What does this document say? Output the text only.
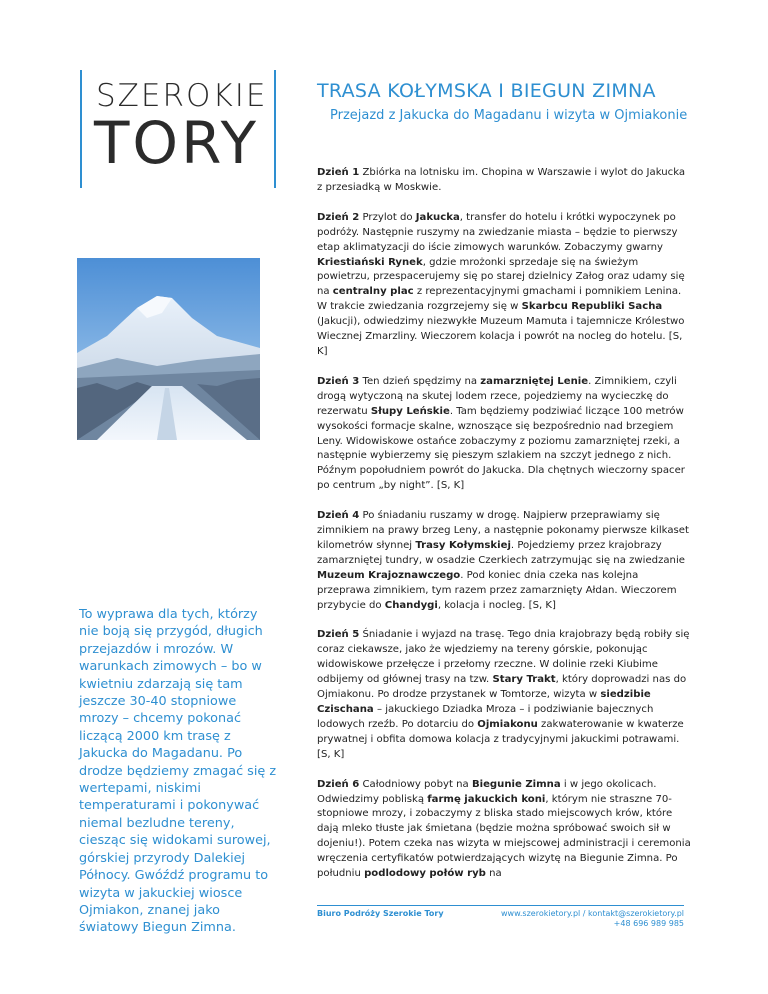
SZEROKIE
TORY
TRASA KOŁYMSKA I BIEGUN ZIMNA
Przejazd z Jakucka do Magadanu i wizyta w Ojmiakonie
To wyprawa dla tych, którzy nie boją się przygód, długich przejazdów i mrozów. W warunkach zimowych – bo w kwietniu zdarzają się tam jeszcze 30-40 stopniowe mrozy – chcemy pokonać liczącą 2000 km trasę z Jakucka do Magadanu. Po drodze będziemy zmagać się z wertepami, niskimi temperaturami i pokonywać niemal bezludne tereny, ciesząc się widokami surowej, górskiej przyrody Dalekiej Północy. Gwóźdź programu to wizyta w jakuckiej wiosce Ojmiakon, znanej jako światowy Biegun Zimna.

Dzień 1 Zbiórka na lotnisku im. Chopina w Warszawie i wylot do Jakucka z przesiadką w Moskwie.

Dzień 2 Przylot do Jakucka, transfer do hotelu i krótki wypoczynek po podróży. Następnie ruszymy na zwiedzanie miasta – będzie to pierwszy etap aklimatyzacji do iście zimowych warunków. Zobaczymy gwarny Kriestiański Rynek, gdzie mrożonki sprzedaje się na świeżym powietrzu, przespacerujemy się po starej dzielnicy Załog oraz udamy się na centralny plac z reprezentacyjnymi gmachami i pomnikiem Lenina. W trakcie zwiedzania rozgrzejemy się w Skarbcu Republiki Sacha (Jakucji), odwiedzimy niezwykłe Muzeum Mamuta i tajemnicze Królestwo Wiecznej Zmarzliny. Wieczorem kolacja i powrót na nocleg do hotelu. [S, K]

Dzień 3 Ten dzień spędzimy na zamarzniętej Lenie. Zimnikiem, czyli drogą wytyczoną na skutej lodem rzece, pojedziemy na wycieczkę do rezerwatu Słupy Leńskie. Tam będziemy podziwiać liczące 100 metrów wysokości formacje skalne, wznoszące się bezpośrednio nad brzegiem Leny. Widowiskowe ostańce zobaczymy z poziomu zamarzniętej rzeki, a następnie wybierzemy się pieszym szlakiem na szczyt jednego z nich. Późnym popołudniem powrót do Jakucka. Dla chętnych wieczorny spacer po centrum „by night”. [S, K]

Dzień 4 Po śniadaniu ruszamy w drogę. Najpierw przeprawiamy się zimnikiem na prawy brzeg Leny, a następnie pokonamy pierwsze kilkaset kilometrów słynnej Trasy Kołymskiej. Pojedziemy przez krajobrazy zamarzniętej tundry, w osadzie Czerkiech zatrzymując się na zwiedzanie Muzeum Krajoznawczego. Pod koniec dnia czeka nas kolejna przeprawa zimnikiem, tym razem przez zamarznięty Ałdan. Wieczorem przybycie do Chandygi, kolacja i nocleg. [S, K]

Dzień 5 Śniadanie i wyjazd na trasę. Tego dnia krajobrazy będą robiły się coraz ciekawsze, jako że wjedziemy na tereny górskie, pokonując widowiskowe przełęcze i przełomy rzeczne. W dolinie rzeki Kiubime odbijemy od głównej trasy na tzw. Stary Trakt, który doprowadzi nas do Ojmiakonu. Po drodze przystanek w Tomtorze, wizyta w siedzibie Czischana – jakuckiego Dziadka Mroza – i podziwianie bajecznych lodowych rzeźb. Po dotarciu do Ojmiakonu zakwaterowanie w kwaterze prywatnej i obfita domowa kolacja z tradycyjnymi jakuckimi potrawami. [S, K]

Dzień 6 Całodniowy pobyt na Biegunie Zimna i w jego okolicach. Odwiedzimy pobliską farmę jakuckich koni, którym nie straszne 70-stopniowe mrozy, i zobaczymy z bliska stado miejscowych krów, które dają mleko tłuste jak śmietana (będzie można spróbować swoich sił w dojeniu!). Potem czeka nas wizyta w miejscowej administracji i ceremonia wręczenia certyfikatów potwierdzających wizytę na Biegunie Zimna. Po południu podlodowy połów ryb na

Biuro Podróży Szerokie Tory	www.szerokietory.pl / kontakt@szerokietory.pl
+48 696 989 985
